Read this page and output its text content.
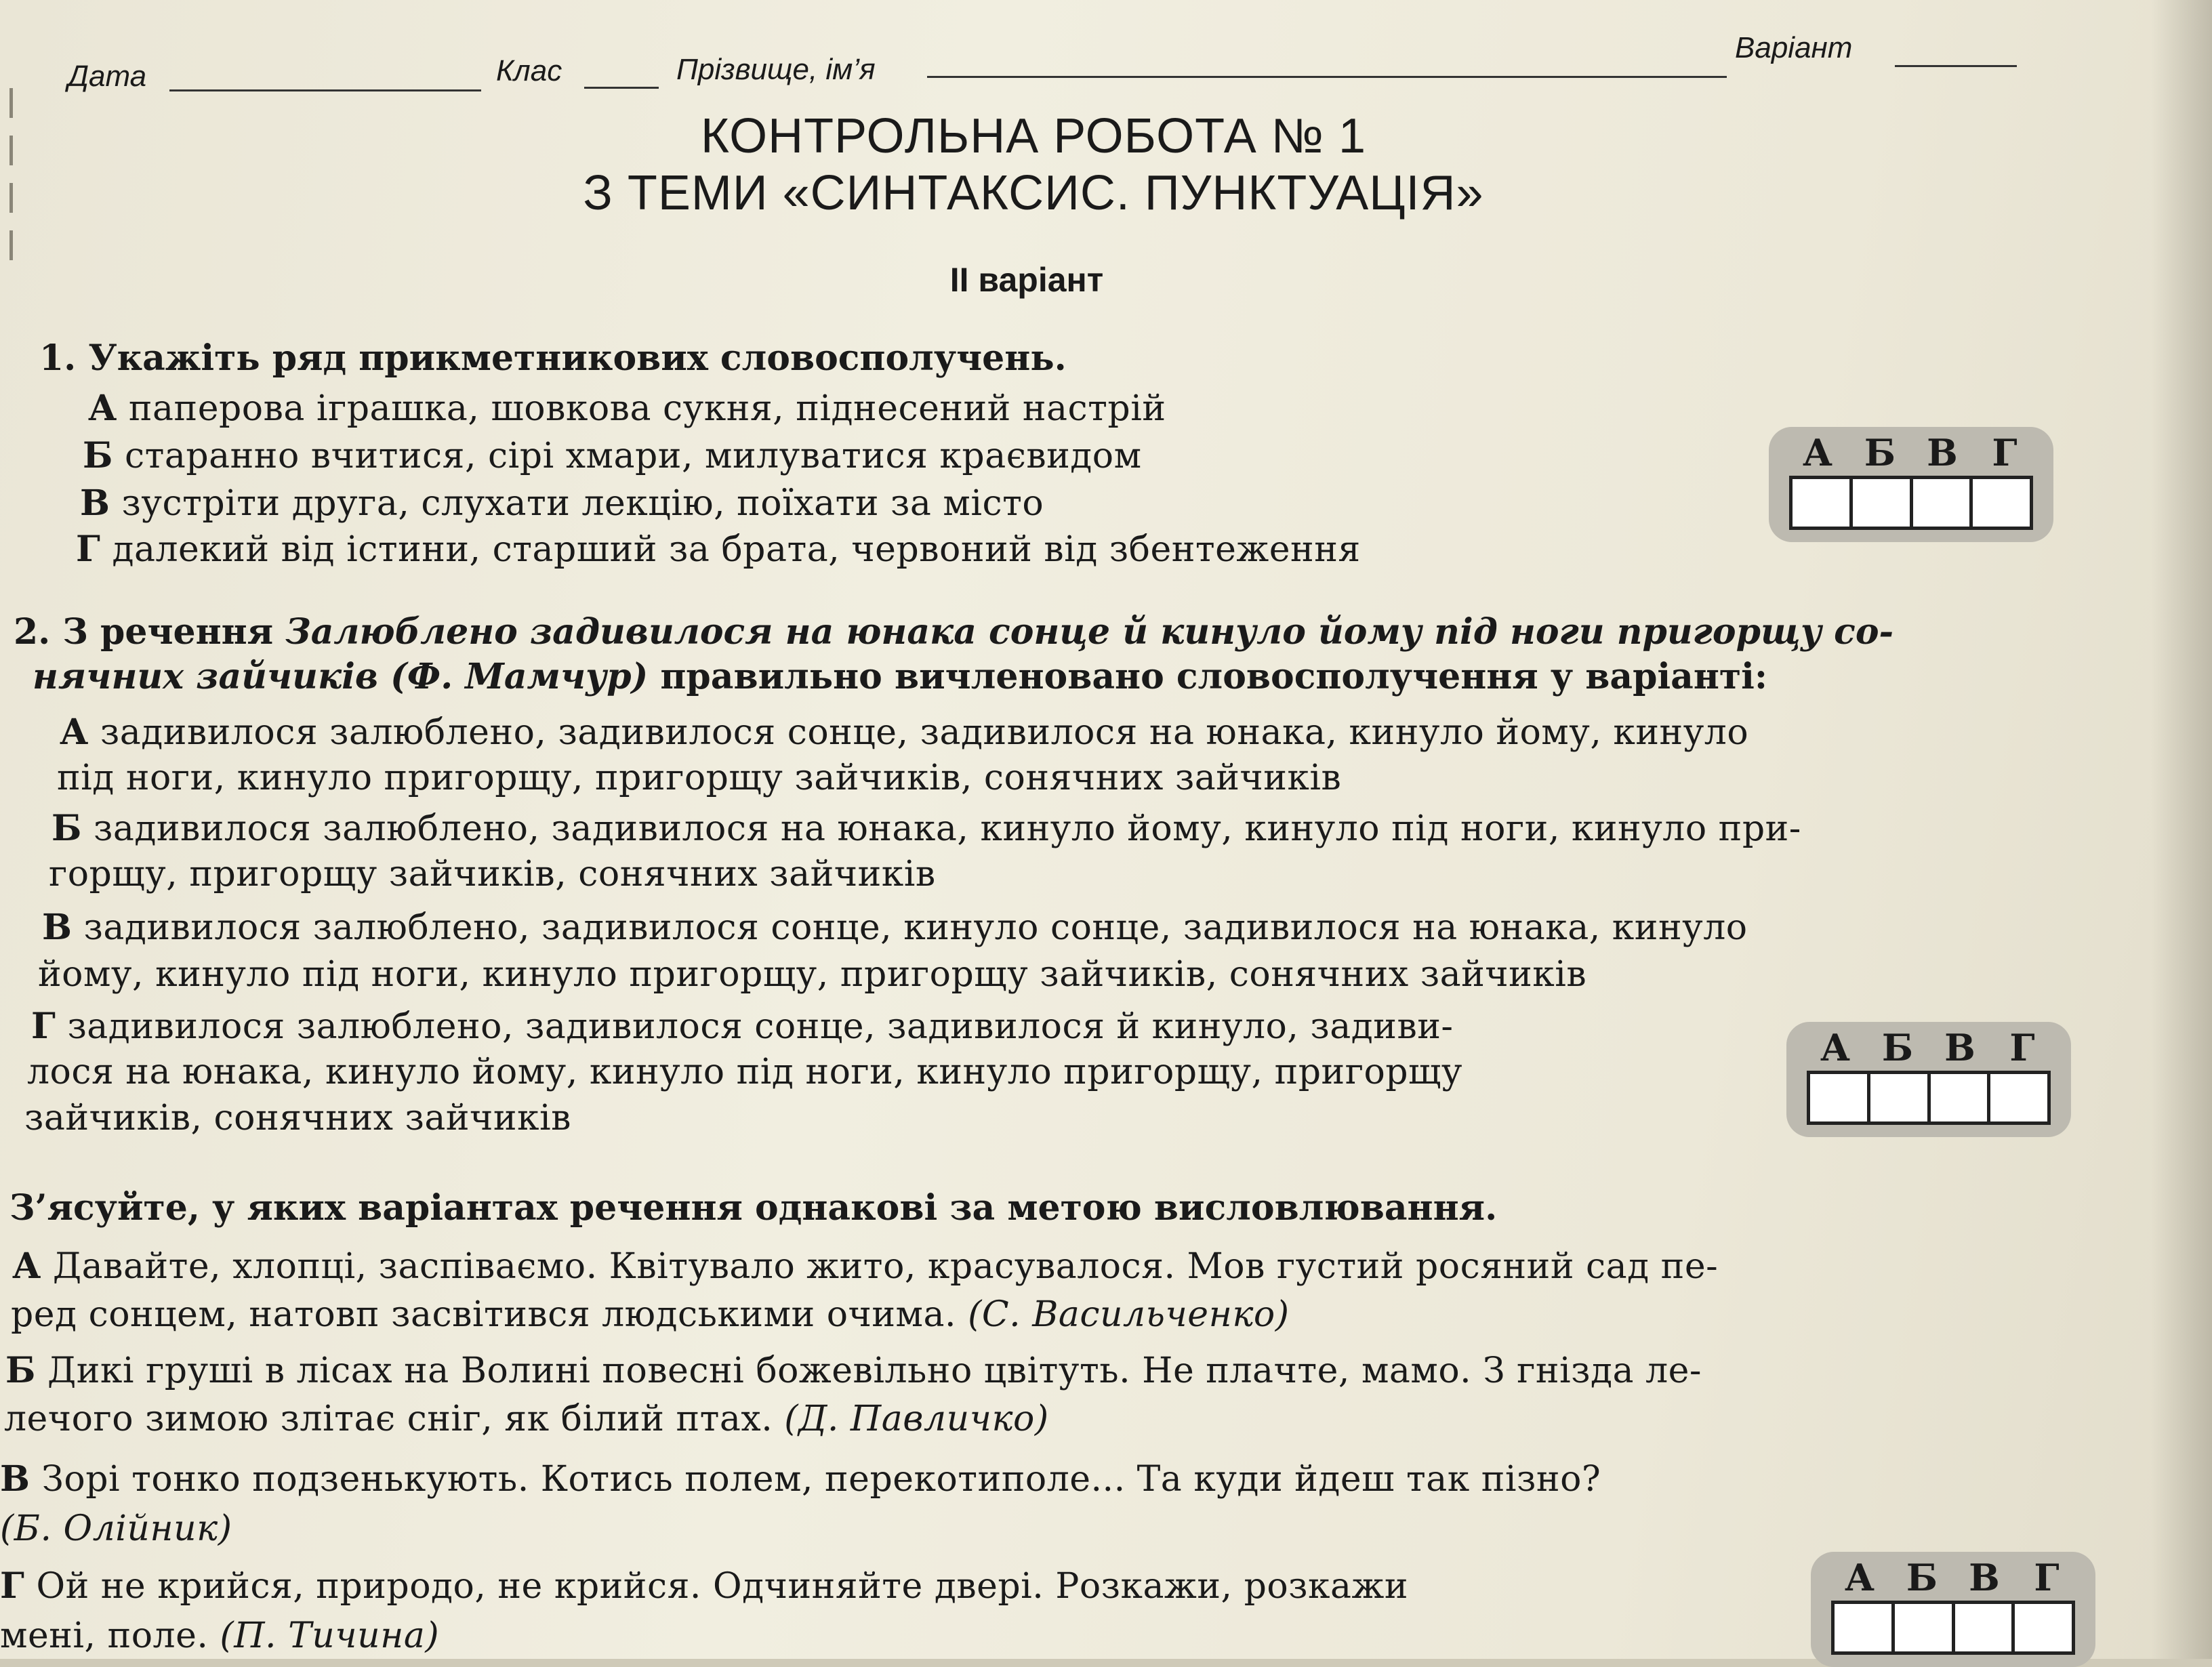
Дата	Клас	Прізвище, ім’я
Варіант
КОНТРОЛЬНА РОБОТА № 1
З ТЕМИ «СИНТАКСИС. ПУНКТУАЦІЯ»
II варіант
1. Укажіть ряд прикметникових словосполучень.
А паперова іграшка, шовкова сукня, піднесений настрій
Б старанно вчитися, сірі хмари, милуватися краєвидом
В зустріти друга, слухати лекцію, поїхати за місто
Г далекий від істини, старший за брата, червоний від збентеження
А Б В Г
2. З речення Залюблено задивилося на юнака сонце й кинуло йому під ноги пригорщу со-
нячних зайчиків (Ф. Мамчур) правильно вичленовано словосполучення у варіанті:
А задивилося залюблено, задивилося сонце, задивилося на юнака, кинуло йому, кинуло
під ноги, кинуло пригорщу, пригорщу зайчиків, сонячних зайчиків
Б задивилося залюблено, задивилося на юнака, кинуло йому, кинуло під ноги, кинуло при-
горщу, пригорщу зайчиків, сонячних зайчиків
В задивилося залюблено, задивилося сонце, кинуло сонце, задивилося на юнака, кинуло
йому, кинуло під ноги, кинуло пригорщу, пригорщу зайчиків, сонячних зайчиків
Г задивилося залюблено, задивилося сонце, задивилося й кинуло, задиви-
лося на юнака, кинуло йому, кинуло під ноги, кинуло пригорщу, пригорщу
зайчиків, сонячних зайчиків
А Б В Г
З’ясуйте, у яких варіантах речення однакові за метою висловлювання.
А Давайте, хлопці, заспіваємо. Квітувало жито, красувалося. Мов густий росяний сад пе-
ред сонцем, натовп засвітився людськими очима. (С. Васильченко)
Б Дикі груші в лісах на Волині повесні божевільно цвітуть. Не плачте, мамо. З гнізда ле-
лечого зимою злітає сніг, як білий птах. (Д. Павличко)
В Зорі тонко подзенькують. Котись полем, перекотиполе... Та куди йдеш так пізно?
(Б. Олійник)
Г Ой не крийся, природо, не крийся. Одчиняйте двері. Розкажи, розкажи
мені, поле. (П. Тичина)
А Б В Г
